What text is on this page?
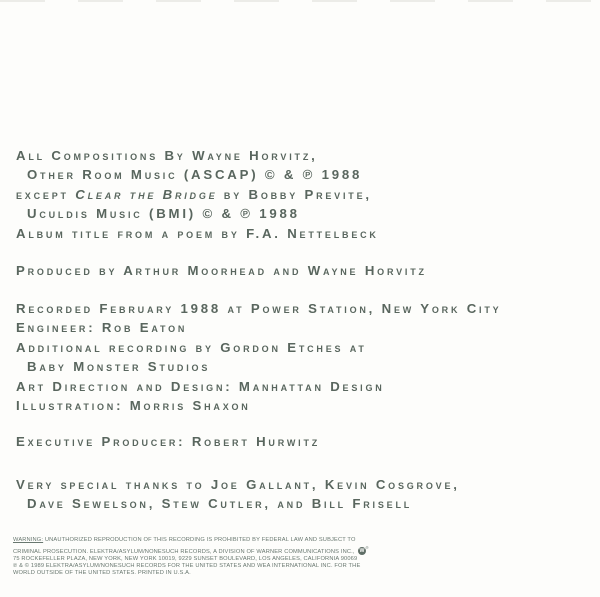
All Compositions By Wayne Horvitz,
Other Room Music (ASCAP) © & ℗ 1988
except Clear the Bridge by Bobby Previte,
Uculdis Music (BMI) © & ℗ 1988
Album title from a poem by F.A. Nettelbeck
Produced by Arthur Moorhead and Wayne Horvitz
Recorded February 1988 at Power Station, New York City
Engineer: Rob Eaton
Additional recording by Gordon Etches at
Baby Monster Studios
Art Direction and Design: Manhattan Design
Illustration: Morris Shaxon
Executive Producer: Robert Hurwitz
Very special thanks to Joe Gallant, Kevin Cosgrove,
Dave Sewelson, Stew Cutler, and Bill Frisell
WARNING: UNAUTHORIZED REPRODUCTION OF THIS RECORDING IS PROHIBITED BY FEDERAL LAW AND SUBJECT TO
CRIMINAL PROSECUTION. ELEKTRA/ASYLUM/NONESUCH RECORDS, A DIVISION OF WARNER COMMUNICATIONS INC., W
®
75 ROCKEFELLER PLAZA, NEW YORK, NEW YORK 10019, 9229 SUNSET BOULEVARD, LOS ANGELES, CALIFORNIA 90069
℗ & © 1989 ELEKTRA/ASYLUM/NONESUCH RECORDS FOR THE UNITED STATES AND WEA INTERNATIONAL INC. FOR THE
WORLD OUTSIDE OF THE UNITED STATES. PRINTED IN U.S.A.
